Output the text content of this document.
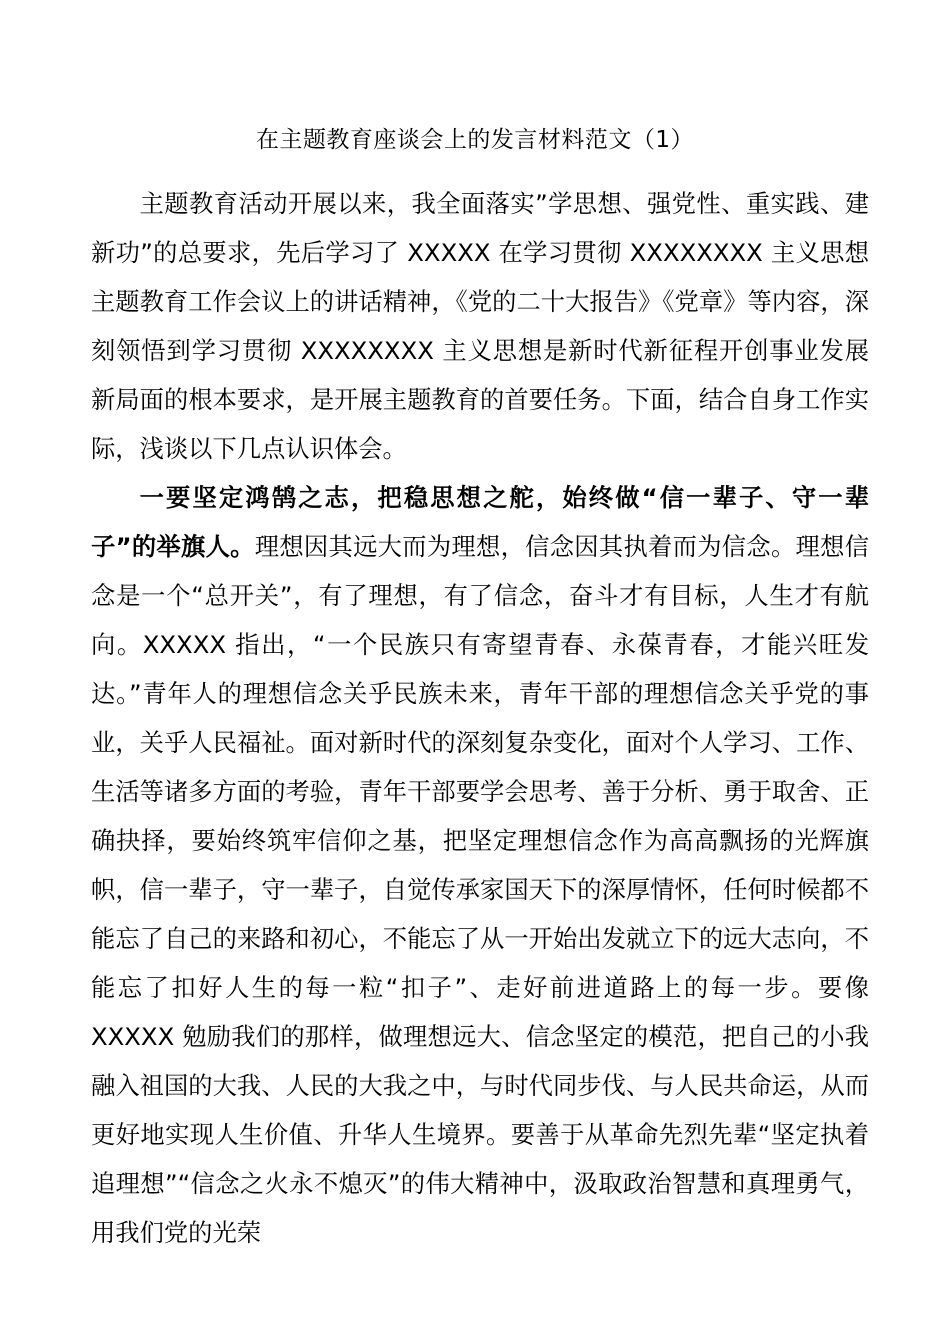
在主题教育座谈会上的发言材料范文（1）

主题教育活动开展以来，我全面落实”学思想、强党性、重实践、建新功”的总要求，先后学习了 XXXXX 在学习贯彻 XXXXXXXX 主义思想主题教育工作会议上的讲话精神，《党的二十大报告》《党章》等内容，深刻领悟到学习贯彻 XXXXXXXX 主义思想是新时代新征程开创事业发展新局面的根本要求，是开展主题教育的首要任务。下面，结合自身工作实际，浅谈以下几点认识体会。

一要坚定鸿鹄之志，把稳思想之舵，始终做“信一辈子、守一辈子”的举旗人。理想因其远大而为理想，信念因其执着而为信念。理想信念是一个“总开关”，有了理想，有了信念，奋斗才有目标，人生才有航向。XXXXX 指出，“一个民族只有寄望青春、永葆青春，才能兴旺发达。”青年人的理想信念关乎民族未来，青年干部的理想信念关乎党的事业，关乎人民福祉。面对新时代的深刻复杂变化，面对个人学习、工作、生活等诸多方面的考验，青年干部要学会思考、善于分析、勇于取舍、正确抉择，要始终筑牢信仰之基，把坚定理想信念作为高高飘扬的光辉旗帜，信一辈子，守一辈子，自觉传承家国天下的深厚情怀，任何时候都不能忘了自己的来路和初心，不能忘了从一开始出发就立下的远大志向，不能忘了扣好人生的每一粒“扣子”、走好前进道路上的每一步。要像 XXXXX 勉励我们的那样，做理想远大、信念坚定的模范，把自己的小我融入祖国的大我、人民的大我之中，与时代同步伐、与人民共命运，从而更好地实现人生价值、升华人生境界。要善于从革命先烈先辈“坚定执着追理想”“信念之火永不熄灭”的伟大精神中，汲取政治智慧和真理勇气，用我们党的光荣
